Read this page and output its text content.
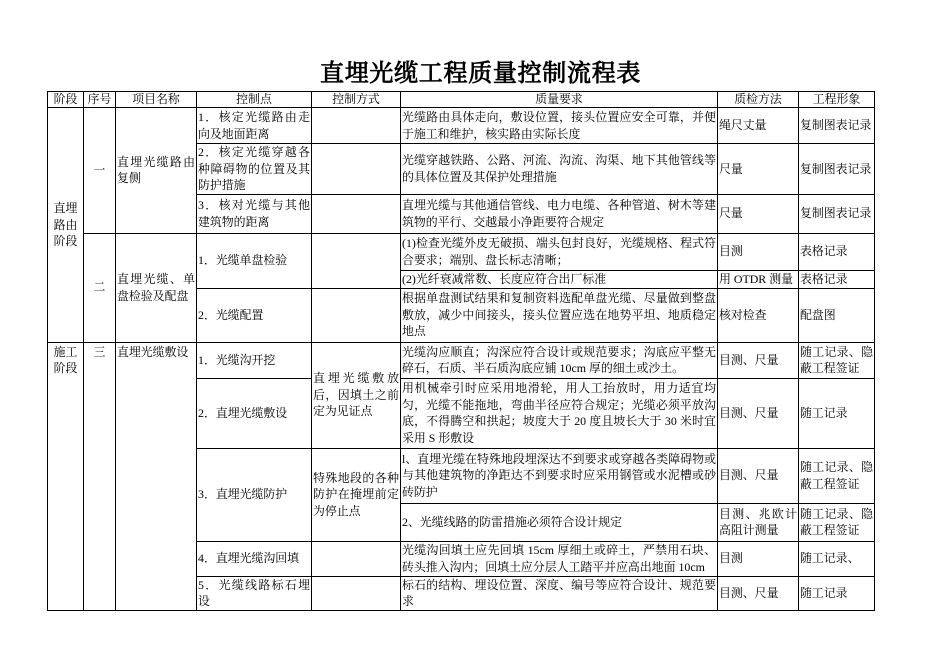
直埋光缆工程质量控制流程表
阶段	序号	项目名称	控制点	控制方式	质量要求	质检方法	工程形象
直埋路由阶段	一	直埋光缆路由复侧	1．核定光缆路由走向及地面距离		光缆路由具体走向，敷设位置，接头位置应安全可靠，并便于施工和维护，核实路由实际长度	绳尺丈量	复制图表记录
			2．核定光缆穿越各种障碍物的位置及其防护措施		光缆穿越铁路、公路、河流、沟流、沟渠、地下其他管线等的具体位置及其保护处理措施	尺量	复制图表记录
			3．核对光缆与其他建筑物的距离		直埋光缆与其他通信管线、电力电缆、各种管道、树木等建筑物的平行、交越最小净距要符合规定	尺量	复制图表记录
	二	直埋光缆、单盘检验及配盘	1．光缆单盘检验		(1)检查光缆外皮无破损、端头包封良好，光缆规格、程式符合要求；端别、盘长标志清晰；	目测	表格记录
					(2)光纤衰减常数、长度应符合出厂标准	用 OTDR 测量	表格记录
			2．光缆配置		根据单盘测试结果和复制资料选配单盘光缆、尽量做到整盘敷放，减少中间接头，接头位置应选在地势平坦、地质稳定地点	核对检查	配盘图
施工阶段	三	直埋光缆敷设	1．光缆沟开挖	直埋光缆敷放后，因填土之前定为见证点	光缆沟应顺直；沟深应符合设计或规范要求；沟底应平整无碎石，石质、半石质沟底应铺 10cm 厚的细土或沙土。	目测、尺量	随工记录、隐蔽工程签证
			2．直埋光缆敷设		用机械牵引时应采用地滑轮，用人工抬放时，用力适宜均匀，光缆不能拖地，弯曲半径应符合规定；光缆必须平放沟底，不得腾空和拱起；坡度大于 20 度且坡长大于 30 米时宜采用 S 形敷设	目测、尺量	随工记录
			3．直埋光缆防护	特殊地段的各种防护在掩埋前定为停止点	l、直埋光缆在特殊地段埋深达不到要求或穿越各类障碍物或与其他建筑物的净距达不到要求时应采用钢管或水泥槽或砂砖防护	目测、尺量	随工记录、隐蔽工程签证
					2、光缆线路的防雷措施必须符合设计规定	目测、兆欧计高阻计测量	随工记录、隐蔽工程签证
			4．直埋光缆沟回填		光缆沟回填土应先回填 15cm 厚细土或碎土，严禁用石块、砖头推入沟内；回填土应分层人工踏平并应高出地面 10cm	目测	随工记录、
			5．光缆线路标石埋设		标石的结构、埋设位置、深度、编号等应符合设计、规范要求	目测、尺量	随工记录
